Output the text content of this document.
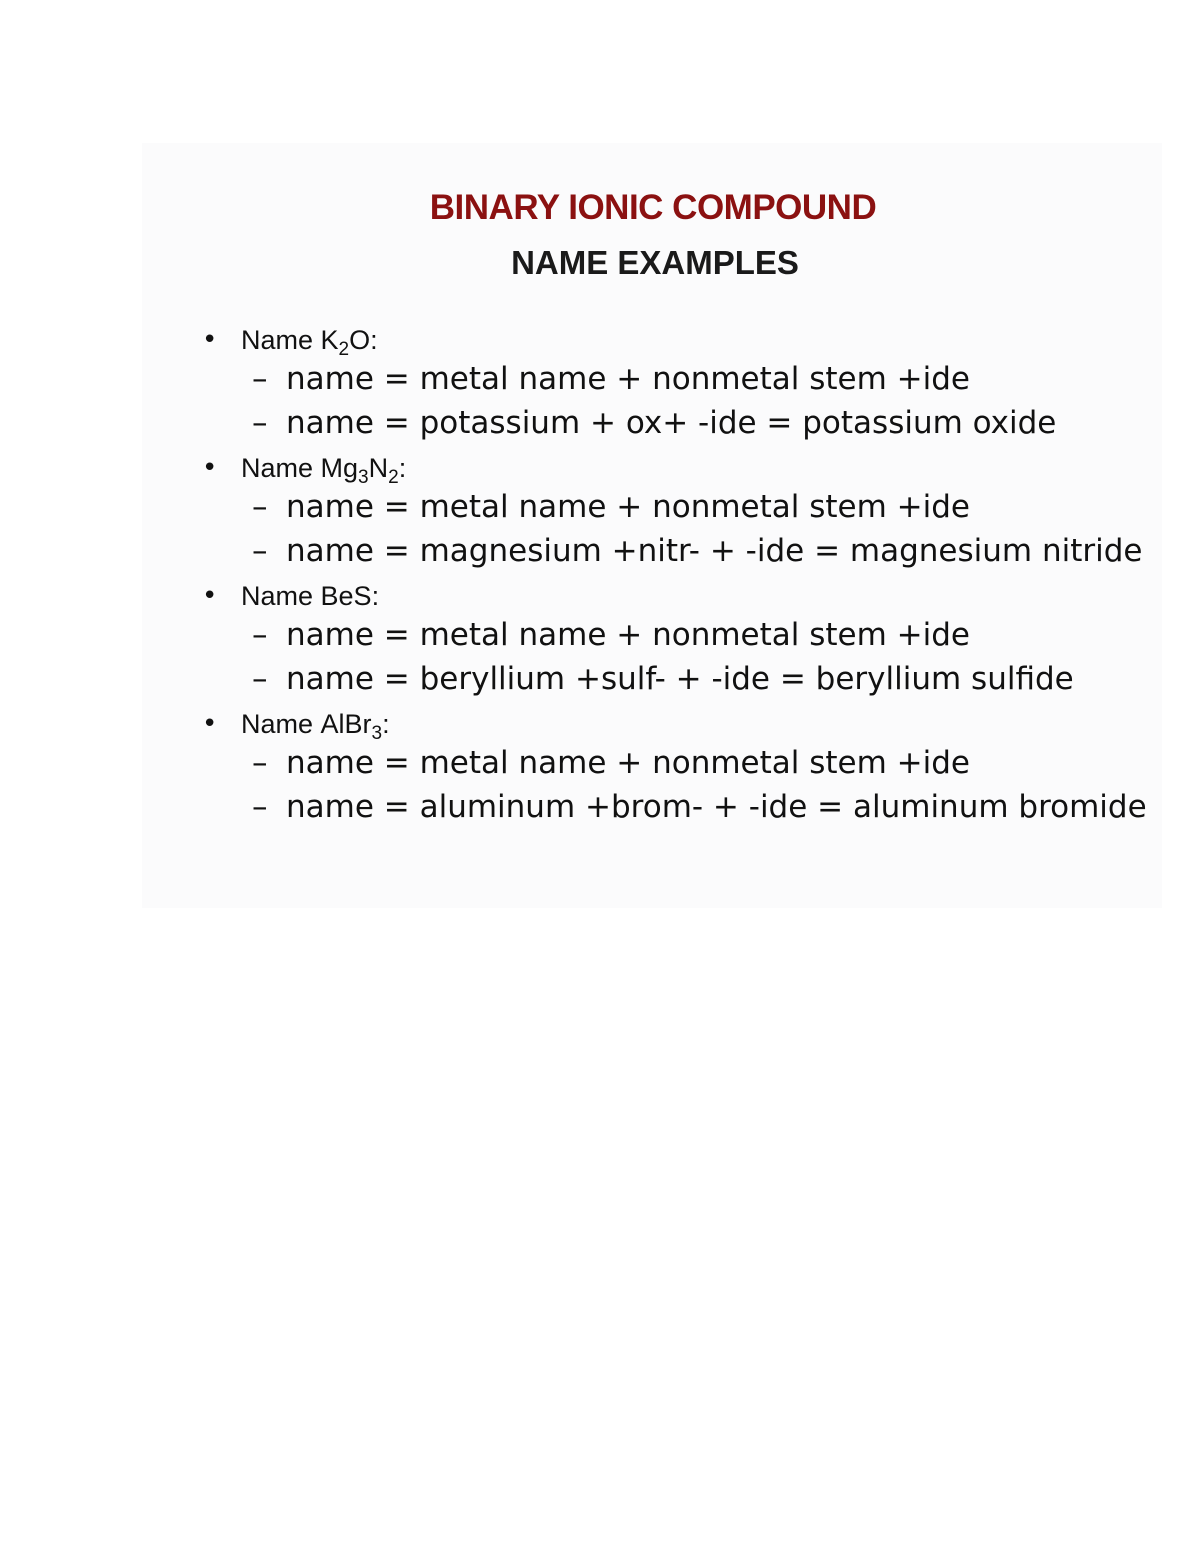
BINARY IONIC COMPOUND
NAME EXAMPLES
• Name $K_2O$:
– name = metal name + nonmetal stem +ide
– name = potassium + ox+ -ide = potassium oxide
• Name $Mg_3N_2$:
– name = metal name + nonmetal stem +ide
– name = magnesium +nitr- + -ide = magnesium nitride
• Name BeS:
– name = metal name + nonmetal stem +ide
– name = beryllium +sulf- + -ide = beryllium sulfide
• Name AlBr$_3$:
– name = metal name + nonmetal stem +ide
– name = aluminum +brom- + -ide = aluminum bromide
